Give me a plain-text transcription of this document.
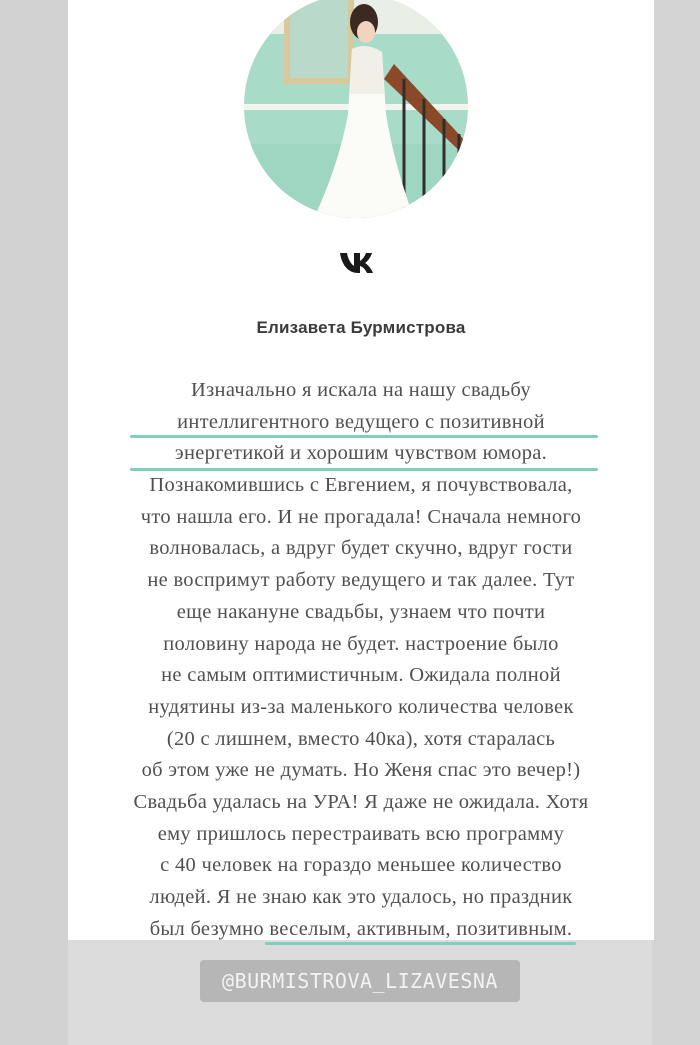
Елизавета Бурмистрова
Изначально я искала на нашу свадьбу
интеллигентного ведущего с позитивной
энергетикой и хорошим чувством юмора.
Познакомившись с Евгением, я почувствовала,
что нашла его. И не прогадала! Сначала немного
волновалась, а вдруг будет скучно, вдруг гости
не воспримут работу ведущего и так далее. Тут
еще накануне свадьбы, узнаем что почти
половину народа не будет. настроение было
не самым оптимистичным. Ожидала полной
нудятины из-за маленького количества человек
(20 с лишнем, вместо 40ка), хотя старалась
об этом уже не думать. Но Женя спас это вечер!)
Свадьба удалась на УРА! Я даже не ожидала. Хотя
ему пришлось перестраивать всю программу
с 40 человек на гораздо меньшее количество
людей. Я не знаю как это удалось, но праздник
был безумно веселым, активным, позитивным.
@BURMISTROVA_LIZAVESNA
